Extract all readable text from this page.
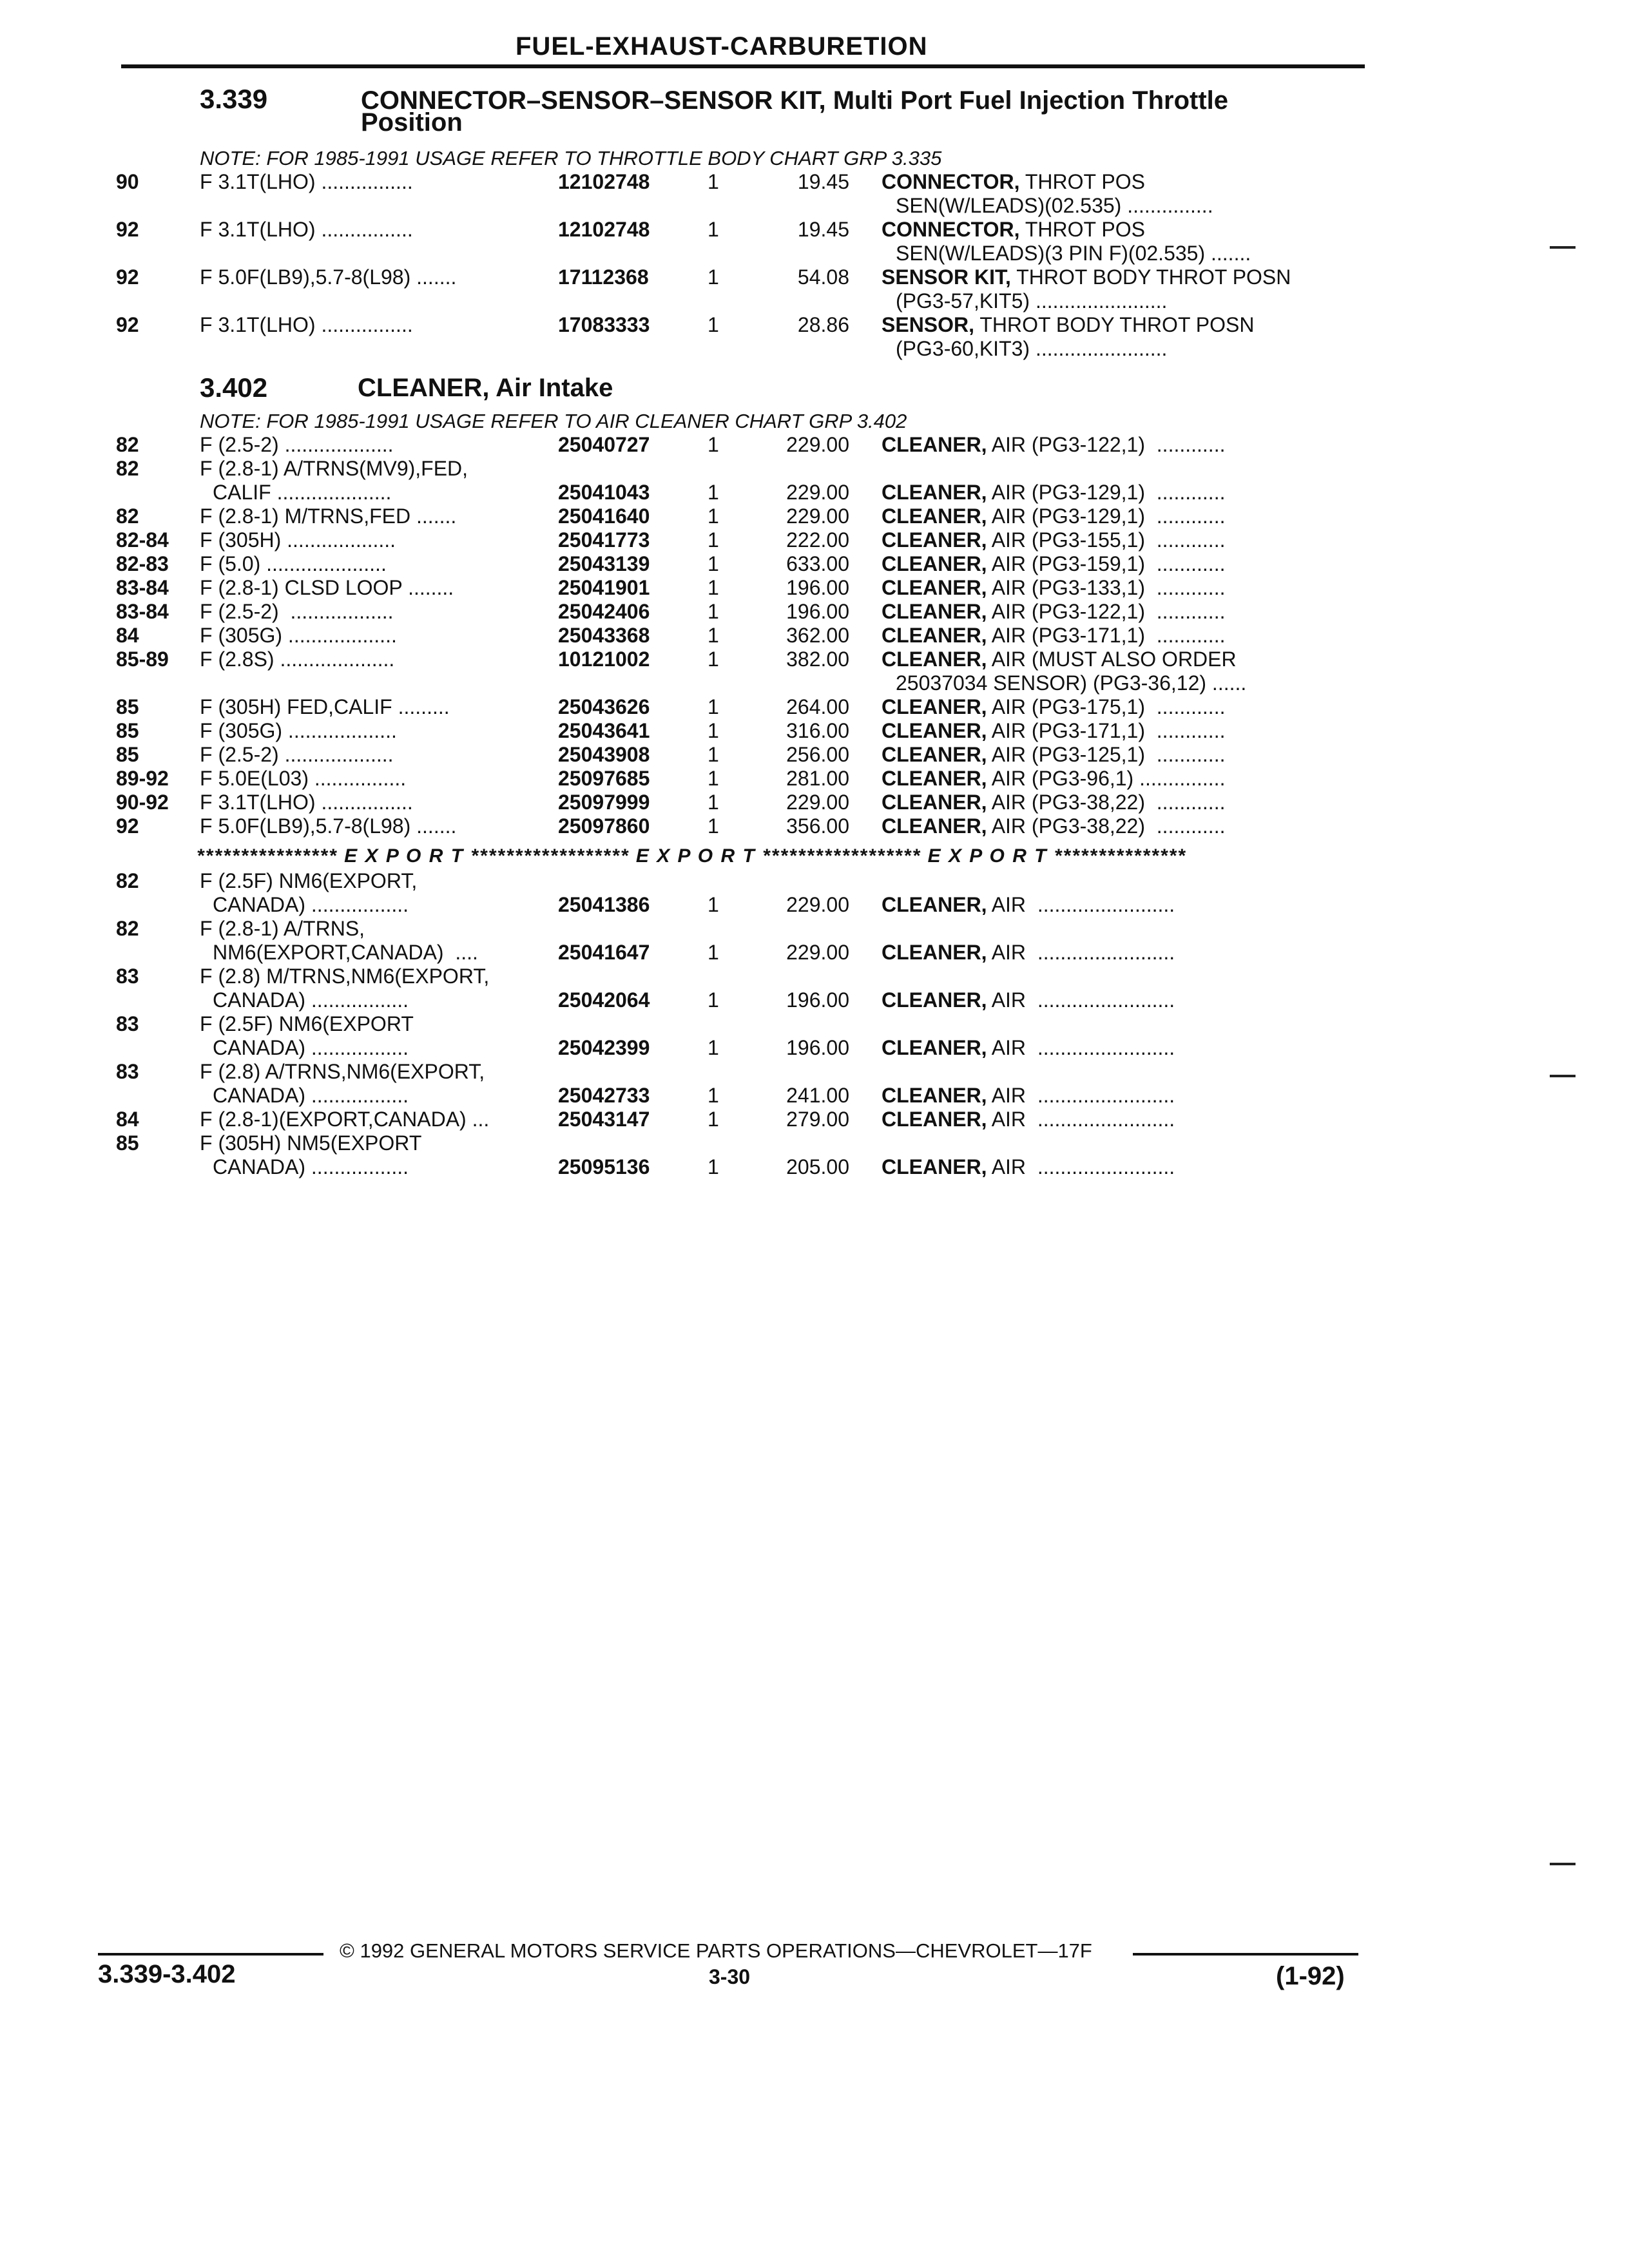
FUEL-EXHAUST-CARBURETION
3.339	CONNECTOR–SENSOR–SENSOR KIT, Multi Port Fuel Injection Throttle
Position
NOTE: FOR 1985-1991 USAGE REFER TO THROTTLE BODY CHART GRP 3.335
90	F 3.1T(LHO) ................	12102748	1	19.45 CONNECTOR, THROT POS
SEN(W/LEADS)(02.535) ...............
92	F 3.1T(LHO) ................	12102748	1	19.45 CONNECTOR, THROT POS
SEN(W/LEADS)(3 PIN F)(02.535) .......
92	F 5.0F(LB9),5.7-8(L98) .......	17112368	1	54.08 SENSOR KIT, THROT BODY THROT POSN
(PG3-57,KIT5) .......................
92	F 3.1T(LHO) ................	17083333	1	28.86 SENSOR, THROT BODY THROT POSN
(PG3-60,KIT3) .......................
3.402	CLEANER, Air Intake
NOTE: FOR 1985-1991 USAGE REFER TO AIR CLEANER CHART GRP 3.402
82	F (2.5-2) ...................	25040727	1	229.00 CLEANER, AIR (PG3-122,1)  ............
82	F (2.8-1) A/TRNS(MV9),FED,
CALIF ....................	25041043	1	229.00 CLEANER, AIR (PG3-129,1)  ............
82	F (2.8-1) M/TRNS,FED .......	25041640	1	229.00 CLEANER, AIR (PG3-129,1)  ............
82-84 F (305H) ...................	25041773	1	222.00 CLEANER, AIR (PG3-155,1)  ............
82-83 F (5.0) .....................	25043139	1	633.00 CLEANER, AIR (PG3-159,1)  ............
83-84 F (2.8-1) CLSD LOOP ........	25041901	1	196.00 CLEANER, AIR (PG3-133,1)  ............
83-84 F (2.5-2)  ..................	25042406	1	196.00 CLEANER, AIR (PG3-122,1)  ............
84	F (305G) ...................	25043368	1	362.00 CLEANER, AIR (PG3-171,1)  ............
85-89 F (2.8S) ....................	10121002	1	382.00 CLEANER, AIR (MUST ALSO ORDER
25037034 SENSOR) (PG3-36,12) ......
85	F (305H) FED,CALIF .........	25043626	1	264.00 CLEANER, AIR (PG3-175,1)  ............
85	F (305G) ...................	25043641	1	316.00 CLEANER, AIR (PG3-171,1)  ............
85	F (2.5-2) ...................	25043908	1	256.00 CLEANER, AIR (PG3-125,1)  ............
89-92 F 5.0E(L03) ................	25097685	1	281.00 CLEANER, AIR (PG3-96,1) ...............
90-92 F 3.1T(LHO) ................	25097999	1	229.00 CLEANER, AIR (PG3-38,22)  ............
92	F 5.0F(LB9),5.7-8(L98) .......	25097860	1	356.00 CLEANER, AIR (PG3-38,22)  ............
**************** E X P O R T ****************** E X P O R T ****************** E X P O R T ***************
82	F (2.5F) NM6(EXPORT,
CANADA) .................	25041386	1	229.00 CLEANER, AIR  ........................
82	F (2.8-1) A/TRNS,
NM6(EXPORT,CANADA)  ....	25041647	1	229.00 CLEANER, AIR  ........................
83	F (2.8) M/TRNS,NM6(EXPORT,
CANADA) .................	25042064	1	196.00 CLEANER, AIR  ........................
83	F (2.5F) NM6(EXPORT
CANADA) .................	25042399	1	196.00 CLEANER, AIR  ........................
83	F (2.8) A/TRNS,NM6(EXPORT,
CANADA) .................	25042733	1	241.00 CLEANER, AIR  ........................
84	F (2.8-1)(EXPORT,CANADA) ...	25043147	1	279.00 CLEANER, AIR  ........................
85	F (305H) NM5(EXPORT
CANADA) .................	25095136	1	205.00 CLEANER, AIR  ........................
© 1992 GENERAL MOTORS SERVICE PARTS OPERATIONS—CHEVROLET—17F
3.339-3.402	3-30	(1-92)
